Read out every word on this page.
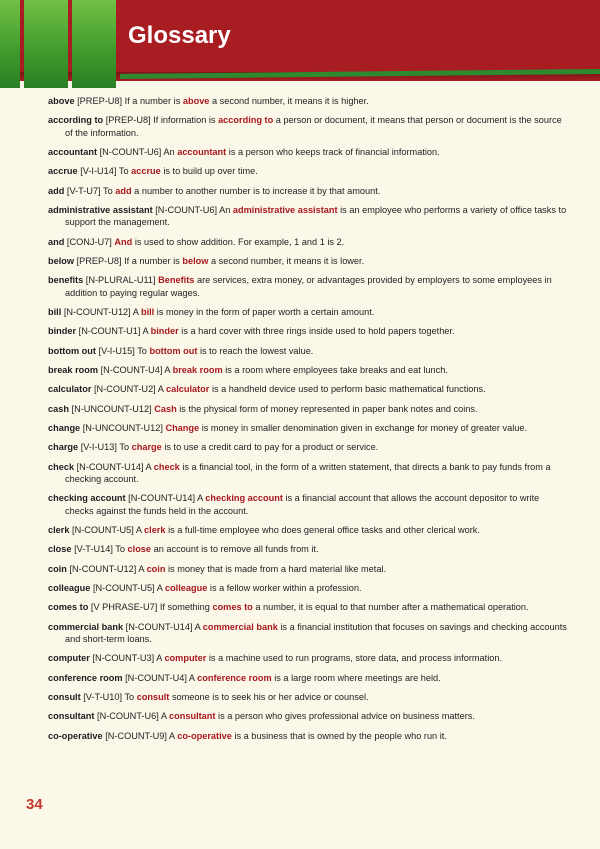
Glossary

above [PREP-U8] If a number is above a second number, it means it is higher.

according to [PREP-U8] If information is according to a person or document, it means that person or document is the source of the information.

accountant [N-COUNT-U6] An accountant is a person who keeps track of financial information.

accrue [V-I-U14] To accrue is to build up over time.

add [V-T-U7] To add a number to another number is to increase it by that amount.

administrative assistant [N-COUNT-U6] An administrative assistant is an employee who performs a variety of office tasks to support the management.

and [CONJ-U7] And is used to show addition. For example, 1 and 1 is 2.

below [PREP-U8] If a number is below a second number, it means it is lower.

benefits [N-PLURAL-U11] Benefits are services, extra money, or advantages provided by employers to some employees in addition to paying regular wages.

bill [N-COUNT-U12] A bill is money in the form of paper worth a certain amount.

binder [N-COUNT-U1] A binder is a hard cover with three rings inside used to hold papers together.

bottom out [V-I-U15] To bottom out is to reach the lowest value.

break room [N-COUNT-U4] A break room is a room where employees take breaks and eat lunch.

calculator [N-COUNT-U2] A calculator is a handheld device used to perform basic mathematical functions.

cash [N-UNCOUNT-U12] Cash is the physical form of money represented in paper bank notes and coins.

change [N-UNCOUNT-U12] Change is money in smaller denomination given in exchange for money of greater value.

charge [V-I-U13] To charge is to use a credit card to pay for a product or service.

check [N-COUNT-U14] A check is a financial tool, in the form of a written statement, that directs a bank to pay funds from a checking account.

checking account [N-COUNT-U14] A checking account is a financial account that allows the account depositor to write checks against the funds held in the account.

clerk [N-COUNT-U5] A clerk is a full-time employee who does general office tasks and other clerical work.

close [V-T-U14] To close an account is to remove all funds from it.

coin [N-COUNT-U12] A coin is money that is made from a hard material like metal.

colleague [N-COUNT-U5] A colleague is a fellow worker within a profession.

comes to [V PHRASE-U7] If something comes to a number, it is equal to that number after a mathematical operation.

commercial bank [N-COUNT-U14] A commercial bank is a financial institution that focuses on savings and checking accounts and short-term loans.

computer [N-COUNT-U3] A computer is a machine used to run programs, store data, and process information.

conference room [N-COUNT-U4] A conference room is a large room where meetings are held.

consult [V-T-U10] To consult someone is to seek his or her advice or counsel.

consultant [N-COUNT-U6] A consultant is a person who gives professional advice on business matters.

co-operative [N-COUNT-U9] A co-operative is a business that is owned by the people who run it.

34
